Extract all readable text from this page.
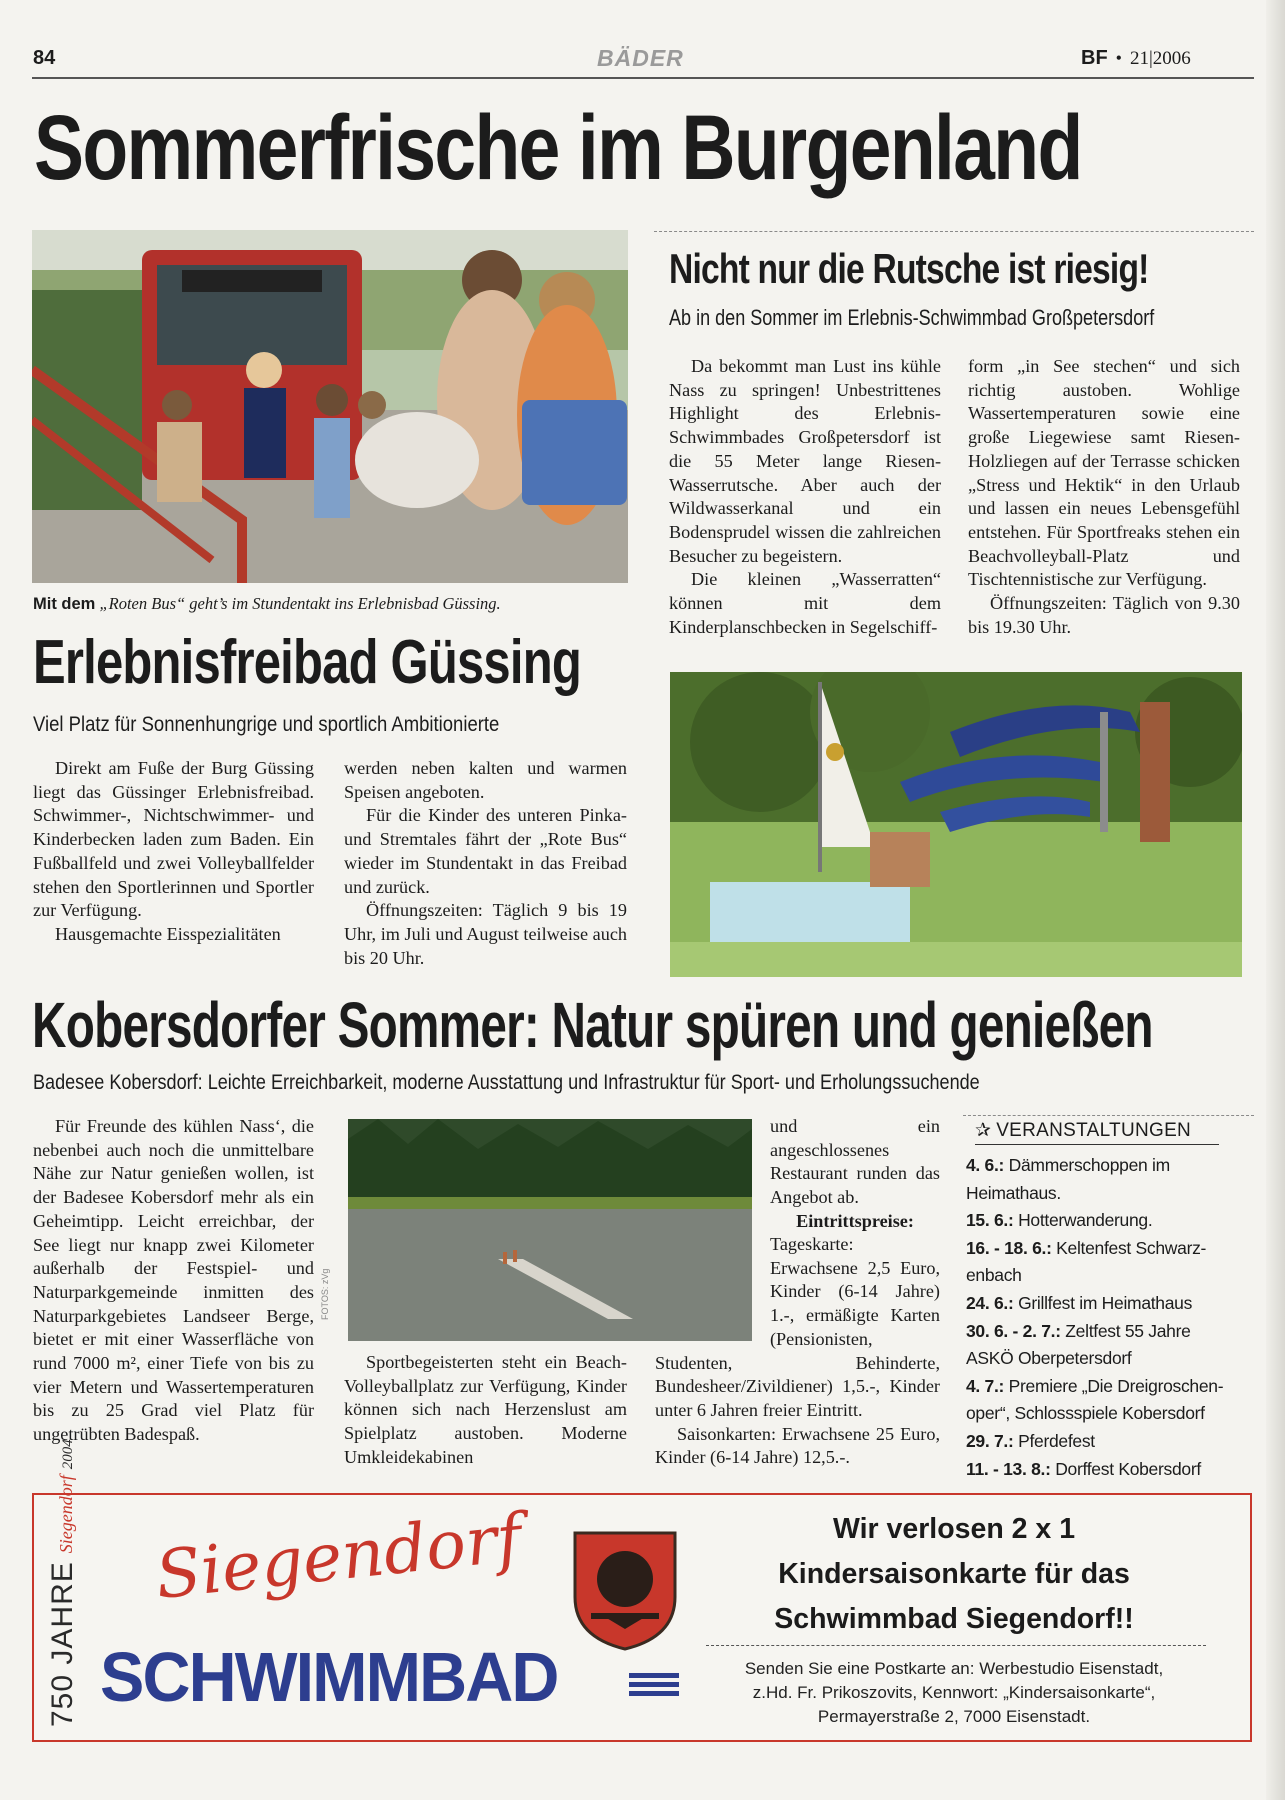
84	BÄDER	BF • 21|2006
Sommerfrische im Burgenland
Mit dem „Roten Bus“ geht’s im Stundentakt ins Erlebnisbad Güssing.
Erlebnisfreibad Güssing
Viel Platz für Sonnenhungrige und sportlich Ambitionierte

Direkt am Fuße der Burg Güssing liegt das Güssinger Erlebnisfreibad. Schwimmer-, Nichtschwimmer- und Kinderbecken laden zum Baden. Ein Fußballfeld und zwei Volleyballfelder stehen den Sportlerinnen und Sportler zur Verfügung.

Hausgemachte Eisspezialitäten

werden neben kalten und warmen Speisen angeboten.

Für die Kinder des unteren Pinka- und Stremtales fährt der „Rote Bus“ wieder im Stundentakt in das Freibad und zurück.

Öffnungszeiten: Täglich 9 bis 19 Uhr, im Juli und August teilweise auch bis 20 Uhr.

Nicht nur die Rutsche ist riesig!
Ab in den Sommer im Erlebnis-Schwimmbad Großpetersdorf

Da bekommt man Lust ins kühle Nass zu springen! Unbestrittenes Highlight des Erlebnis-Schwimmbades Großpetersdorf ist die 55 Meter lange Riesen-Wasserrutsche. Aber auch der Wildwasserkanal und ein Bodensprudel wissen die zahlreichen Besucher zu begeistern.

Die kleinen „Wasserratten“ können mit dem Kinderplanschbecken in Segelschiff-

form „in See stechen“ und sich richtig austoben. Wohlige Wassertemperaturen sowie eine große Liegewiese samt Riesen-Holzliegen auf der Terrasse schicken „Stress und Hektik“ in den Urlaub und lassen ein neues Lebensgefühl entstehen. Für Sportfreaks stehen ein Beachvolleyball-Platz und Tischtennistische zur Verfügung.

Öffnungszeiten: Täglich von 9.30 bis 19.30 Uhr.

Kobersdorfer Sommer: Natur spüren und genießen
Badesee Kobersdorf: Leichte Erreichbarkeit, moderne Ausstattung und Infrastruktur für Sport- und Erholungssuchende

Für Freunde des kühlen Nass‘, die nebenbei auch noch die unmittelbare Nähe zur Natur genießen wollen, ist der Badesee Kobersdorf mehr als ein Geheimtipp. Leicht erreichbar, der See liegt nur knapp zwei Kilometer außerhalb der Festspiel- und Naturparkgemeinde inmitten des Naturparkgebietes Landseer Berge, bietet er mit einer Wasserfläche von rund 7000 m², einer Tiefe von bis zu vier Metern und Wassertemperaturen bis zu 25 Grad viel Platz für ungetrübten Badespaß.

FOTOS: zVg

Sportbegeisterten steht ein Beach-Volleyballplatz zur Verfügung, Kinder können sich nach Herzenslust am Spielplatz austoben. Moderne Umkleidekabinen

und ein angeschlossenes Restaurant runden das Angebot ab.

Eintrittspreise:

Tageskarte: Erwachsene 2,5 Euro, Kinder (6-14 Jahre) 1.-, ermäßigte Karten (Pensionisten, Studenten, Behinderte, Bundesheer/Zivildiener) 1,5.-, Kinder unter 6 Jahren freier Eintritt.

Saisonkarten: Erwachsene 25 Euro, Kinder (6-14 Jahre) 12,5.-.

✰ VERANSTALTUNGEN
4. 6.: Dämmerschoppen im
Heimathaus.
15. 6.: Hotterwanderung.
16. - 18. 6.: Keltenfest Schwarz-
enbach
24. 6.: Grillfest im Heimathaus
30. 6. - 2. 7.: Zeltfest 55 Jahre
ASKÖ Oberpetersdorf
4. 7.: Premiere „Die Dreigroschen-
oper“, Schlossspiele Kobersdorf
29. 7.: Pferdefest
11. - 13. 8.: Dorffest Kobersdorf
750 JAHRE Siegendorf 2004
Siegendorf
SCHWIMMBAD
Wir verlosen 2 x 1
Kindersaisonkarte für das
Schwimmbad Siegendorf!!
Senden Sie eine Postkarte an: Werbestudio Eisenstadt,
z.Hd. Fr. Prikoszovits, Kennwort: „Kindersaisonkarte“,
Permayerstraße 2, 7000 Eisenstadt.
